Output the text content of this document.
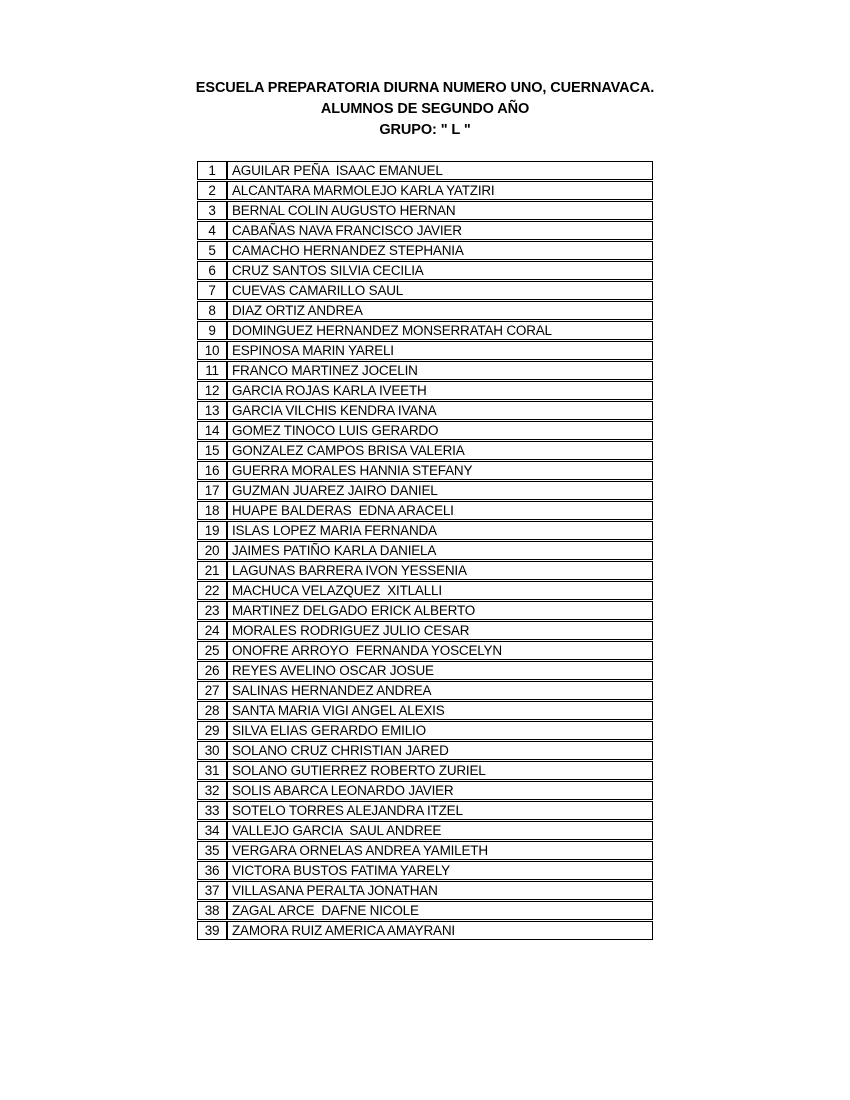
ESCUELA PREPARATORIA DIURNA NUMERO UNO, CUERNAVACA.
ALUMNOS DE SEGUNDO AÑO
GRUPO: " L "
1	AGUILAR PEÑA  ISAAC EMANUEL
2	ALCANTARA MARMOLEJO KARLA YATZIRI
3	BERNAL COLIN AUGUSTO HERNAN
4	CABAÑAS NAVA FRANCISCO JAVIER
5	CAMACHO HERNANDEZ STEPHANIA
6	CRUZ SANTOS SILVIA CECILIA
7	CUEVAS CAMARILLO SAUL
8	DIAZ ORTIZ ANDREA
9	DOMINGUEZ HERNANDEZ MONSERRATAH CORAL
10	ESPINOSA MARIN YARELI
11	FRANCO MARTINEZ JOCELIN
12	GARCIA ROJAS KARLA IVEETH
13	GARCIA VILCHIS KENDRA IVANA
14	GOMEZ TINOCO LUIS GERARDO
15	GONZALEZ CAMPOS BRISA VALERIA
16	GUERRA MORALES HANNIA STEFANY
17	GUZMAN JUAREZ JAIRO DANIEL
18	HUAPE BALDERAS  EDNA ARACELI
19	ISLAS LOPEZ MARIA FERNANDA
20	JAIMES PATIÑO KARLA DANIELA
21	LAGUNAS BARRERA IVON YESSENIA
22	MACHUCA VELAZQUEZ  XITLALLI
23	MARTINEZ DELGADO ERICK ALBERTO
24	MORALES RODRIGUEZ JULIO CESAR
25	ONOFRE ARROYO  FERNANDA YOSCELYN
26	REYES AVELINO OSCAR JOSUE
27	SALINAS HERNANDEZ ANDREA
28	SANTA MARIA VIGI ANGEL ALEXIS
29	SILVA ELIAS GERARDO EMILIO
30	SOLANO CRUZ CHRISTIAN JARED
31	SOLANO GUTIERREZ ROBERTO ZURIEL
32	SOLIS ABARCA LEONARDO JAVIER
33	SOTELO TORRES ALEJANDRA ITZEL
34	VALLEJO GARCIA  SAUL ANDREE
35	VERGARA ORNELAS ANDREA YAMILETH
36	VICTORA BUSTOS FATIMA YARELY
37	VILLASANA PERALTA JONATHAN
38	ZAGAL ARCE  DAFNE NICOLE
39	ZAMORA RUIZ AMERICA AMAYRANI
